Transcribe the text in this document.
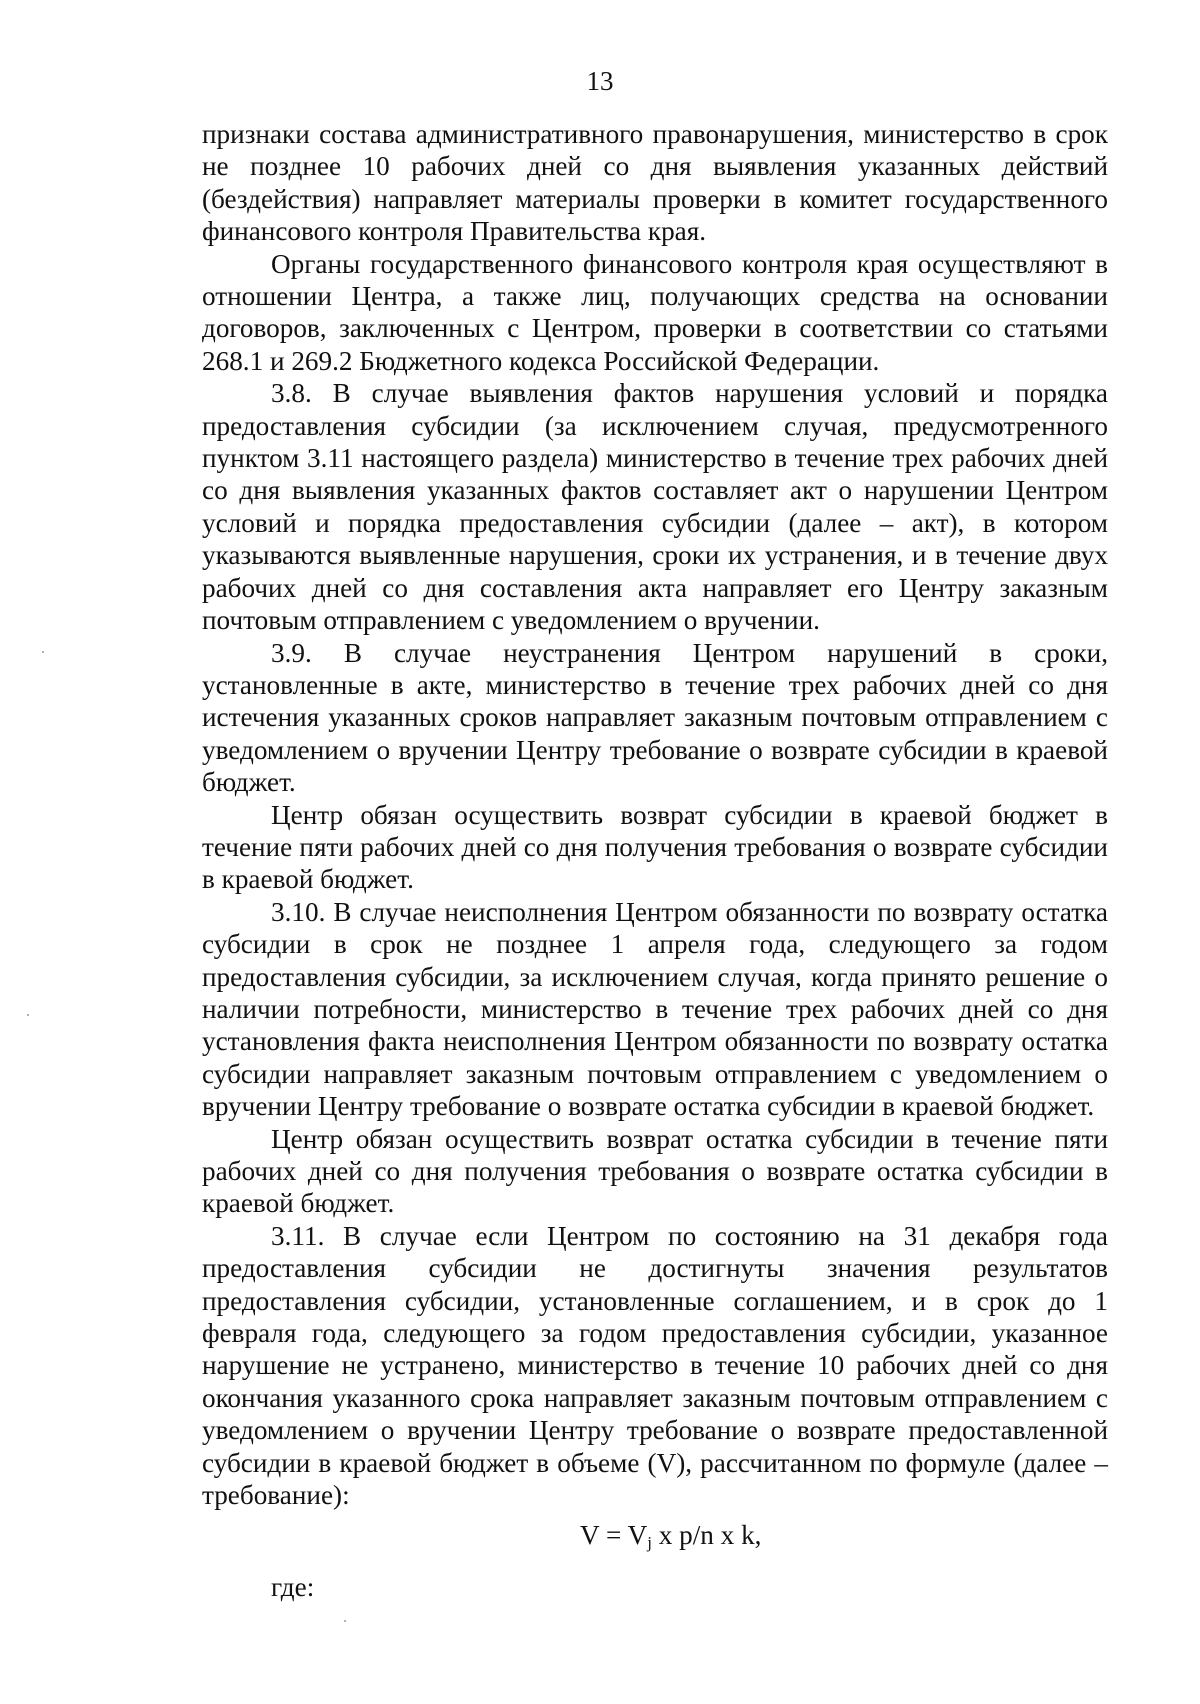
13

признаки состава административного правонарушения, министерство в срок не позднее 10 рабочих дней со дня выявления указанных действий (бездействия) направляет материалы проверки в комитет государственного финансового контроля Правительства края.

Органы государственного финансового контроля края осуществляют в отношении Центра, а также лиц, получающих средства на основании договоров, заключенных с Центром, проверки в соответствии со статьями 268.1 и 269.2 Бюджетного кодекса Российской Федерации.

3.8. В случае выявления фактов нарушения условий и порядка предоставления субсидии (за исключением случая, предусмотренного пунктом 3.11 настоящего раздела) министерство в течение трех рабочих дней со дня выявления указанных фактов составляет акт о нарушении Центром условий и порядка предоставления субсидии (далее – акт), в котором указываются выявленные нарушения, сроки их устранения, и в течение двух рабочих дней со дня составления акта направляет его Центру заказным почтовым отправлением с уведомлением о вручении.

3.9. В случае неустранения Центром нарушений в сроки, установленные в акте, министерство в течение трех рабочих дней со дня истечения указанных сроков направляет заказным почтовым отправлением с уведомлением о вручении Центру требование о возврате субсидии в краевой бюджет.

Центр обязан осуществить возврат субсидии в краевой бюджет в течение пяти рабочих дней со дня получения требования о возврате субсидии в краевой бюджет.

3.10. В случае неисполнения Центром обязанности по возврату остатка субсидии в срок не позднее 1 апреля года, следующего за годом предоставления субсидии, за исключением случая, когда принято решение о наличии потребности, министерство в течение трех рабочих дней со дня установления факта неисполнения Центром обязанности по возврату остатка субсидии направляет заказным почтовым отправлением с уведомлением о вручении Центру требование о возврате остатка субсидии в краевой бюджет.

Центр обязан осуществить возврат остатка субсидии в течение пяти рабочих дней со дня получения требования о возврате остатка субсидии в краевой бюджет.

3.11. В случае если Центром по состоянию на 31 декабря года предоставления субсидии не достигнуты значения результатов предоставления субсидии, установленные соглашением, и в срок до 1 февраля года, следующего за годом предоставления субсидии, указанное нарушение не устранено, министерство в течение 10 рабочих дней со дня окончания указанного срока направляет заказным почтовым отправлением с уведомлением о вручении Центру требование о возврате предоставленной субсидии в краевой бюджет в объеме (V), рассчитанном по формуле (далее – требование):

$V = V_j$ x p/n x k,
где:
